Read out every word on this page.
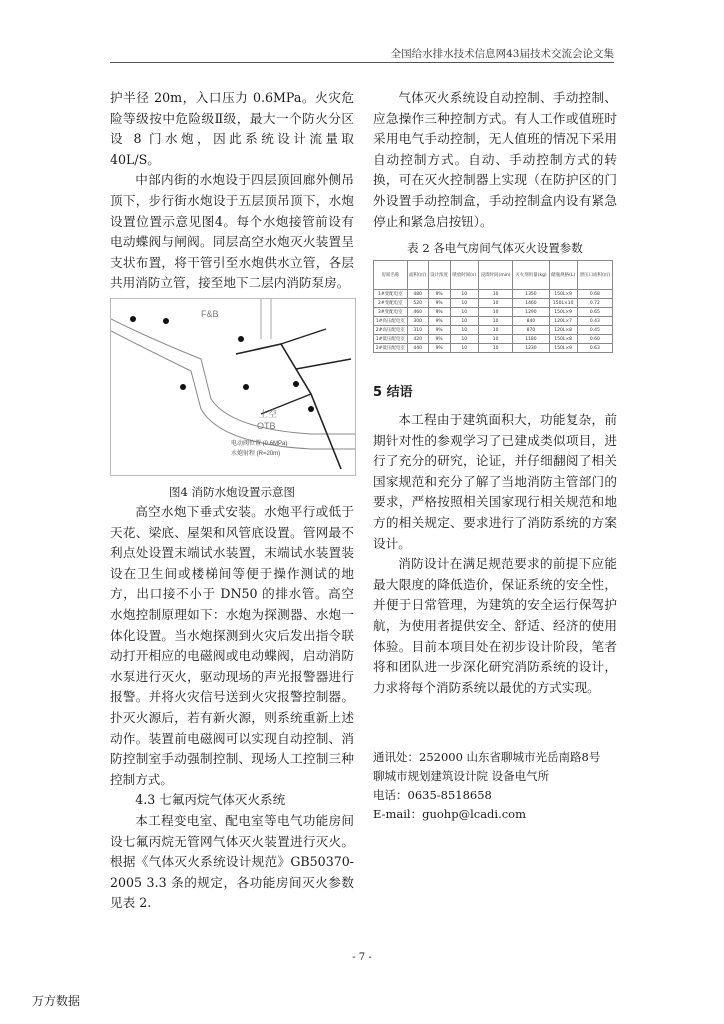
全国给水排水技术信息网43届技术交流会论文集

护半径 20m，入口压力 0.6MPa。火灾危险等级按中危险级Ⅱ级，最大一个防火分区设 8 门水炮，因此系统设计流量取 40L/S。

中部内街的水炮设于四层顶回廊外侧吊顶下，步行街水炮设于五层顶吊顶下，水炮设置位置示意见图4。每个水炮接管前设有电动蝶阀与闸阀。同层高空水炮灭火装置呈支状布置，将干管引至水炮供水立管，各层共用消防立管，接至地下二层内消防泵房。

F&B
上空
OTB
电动阀位置 (0.6MPa)
水炮射程 (R=20m)
图4 消防水炮设置示意图

高空水炮下垂式安装。水炮平行或低于天花、梁底、屋架和风管底设置。管网最不利点处设置末端试水装置，末端试水装置装设在卫生间或楼梯间等便于操作测试的地方，出口接不小于 DN50 的排水管。高空水炮控制原理如下：水炮为探测器、水炮一体化设置。当水炮探测到火灾后发出指令联动打开相应的电磁阀或电动蝶阀，启动消防水泵进行灭火，驱动现场的声光报警器进行报警。并将火灾信号送到火灾报警控制器。扑灭火源后，若有新火源，则系统重新上述动作。装置前电磁阀可以实现自动控制、消防控制室手动强制控制、现场人工控制三种控制方式。

4.3 七氟丙烷气体灭火系统

本工程变电室、配电室等电气功能房间设七氟丙烷无管网气体灭火装置进行灭火。根据《气体灭火系统设计规范》GB50370-2005 3.3 条的规定，各功能房间灭火参数见表 2.

气体灭火系统设自动控制、手动控制、应急操作三种控制方式。有人工作或值班时采用电气手动控制，无人值班的情况下采用自动控制方式。自动、手动控制方式的转换，可在灭火控制器上实现（在防护区的门外设置手动控制盒，手动控制盒内设有紧急停止和紧急启按钮）。

表 2 各电气房间气体灭火设置参数
房间名称	面积(㎡)	设计浓度	喷放时间(s)	浸渍时间(min)	灭火剂用量(kg)	储瓶规格(L)	泄压口面积(㎡)
1#变配电室	480	9%	10	10	1350	150L×9	0.68
2#变配电室	520	9%	10	10	1460	150L×10	0.72
3#变配电室	460	9%	10	10	1290	150L×9	0.65
1#高压配电室	300	9%	10	10	840	120L×7	0.43
2#高压配电室	310	9%	10	10	870	120L×8	0.45
1#低压配电室	420	9%	10	10	1180	150L×8	0.60
2#低压配电室	440	9%	10	10	1230	150L×9	0.63
5 结语

本工程由于建筑面积大，功能复杂，前期针对性的参观学习了已建成类似项目，进行了充分的研究，论证，并仔细翻阅了相关国家规范和充分了解了当地消防主管部门的要求，严格按照相关国家现行相关规范和地方的相关规定、要求进行了消防系统的方案设计。

消防设计在满足规范要求的前提下应能最大限度的降低造价，保证系统的安全性，并便于日常管理，为建筑的安全运行保驾护航，为使用者提供安全、舒适、经济的使用体验。目前本项目处在初步设计阶段，笔者将和团队进一步深化研究消防系统的设计，力求将每个消防系统以最优的方式实现。

通讯处：252000 山东省聊城市光岳南路8号

聊城市规划建筑设计院 设备电气所

电话：0635-8518658

E-mail：guohp@lcadi.com

- 7 -
万方数据
